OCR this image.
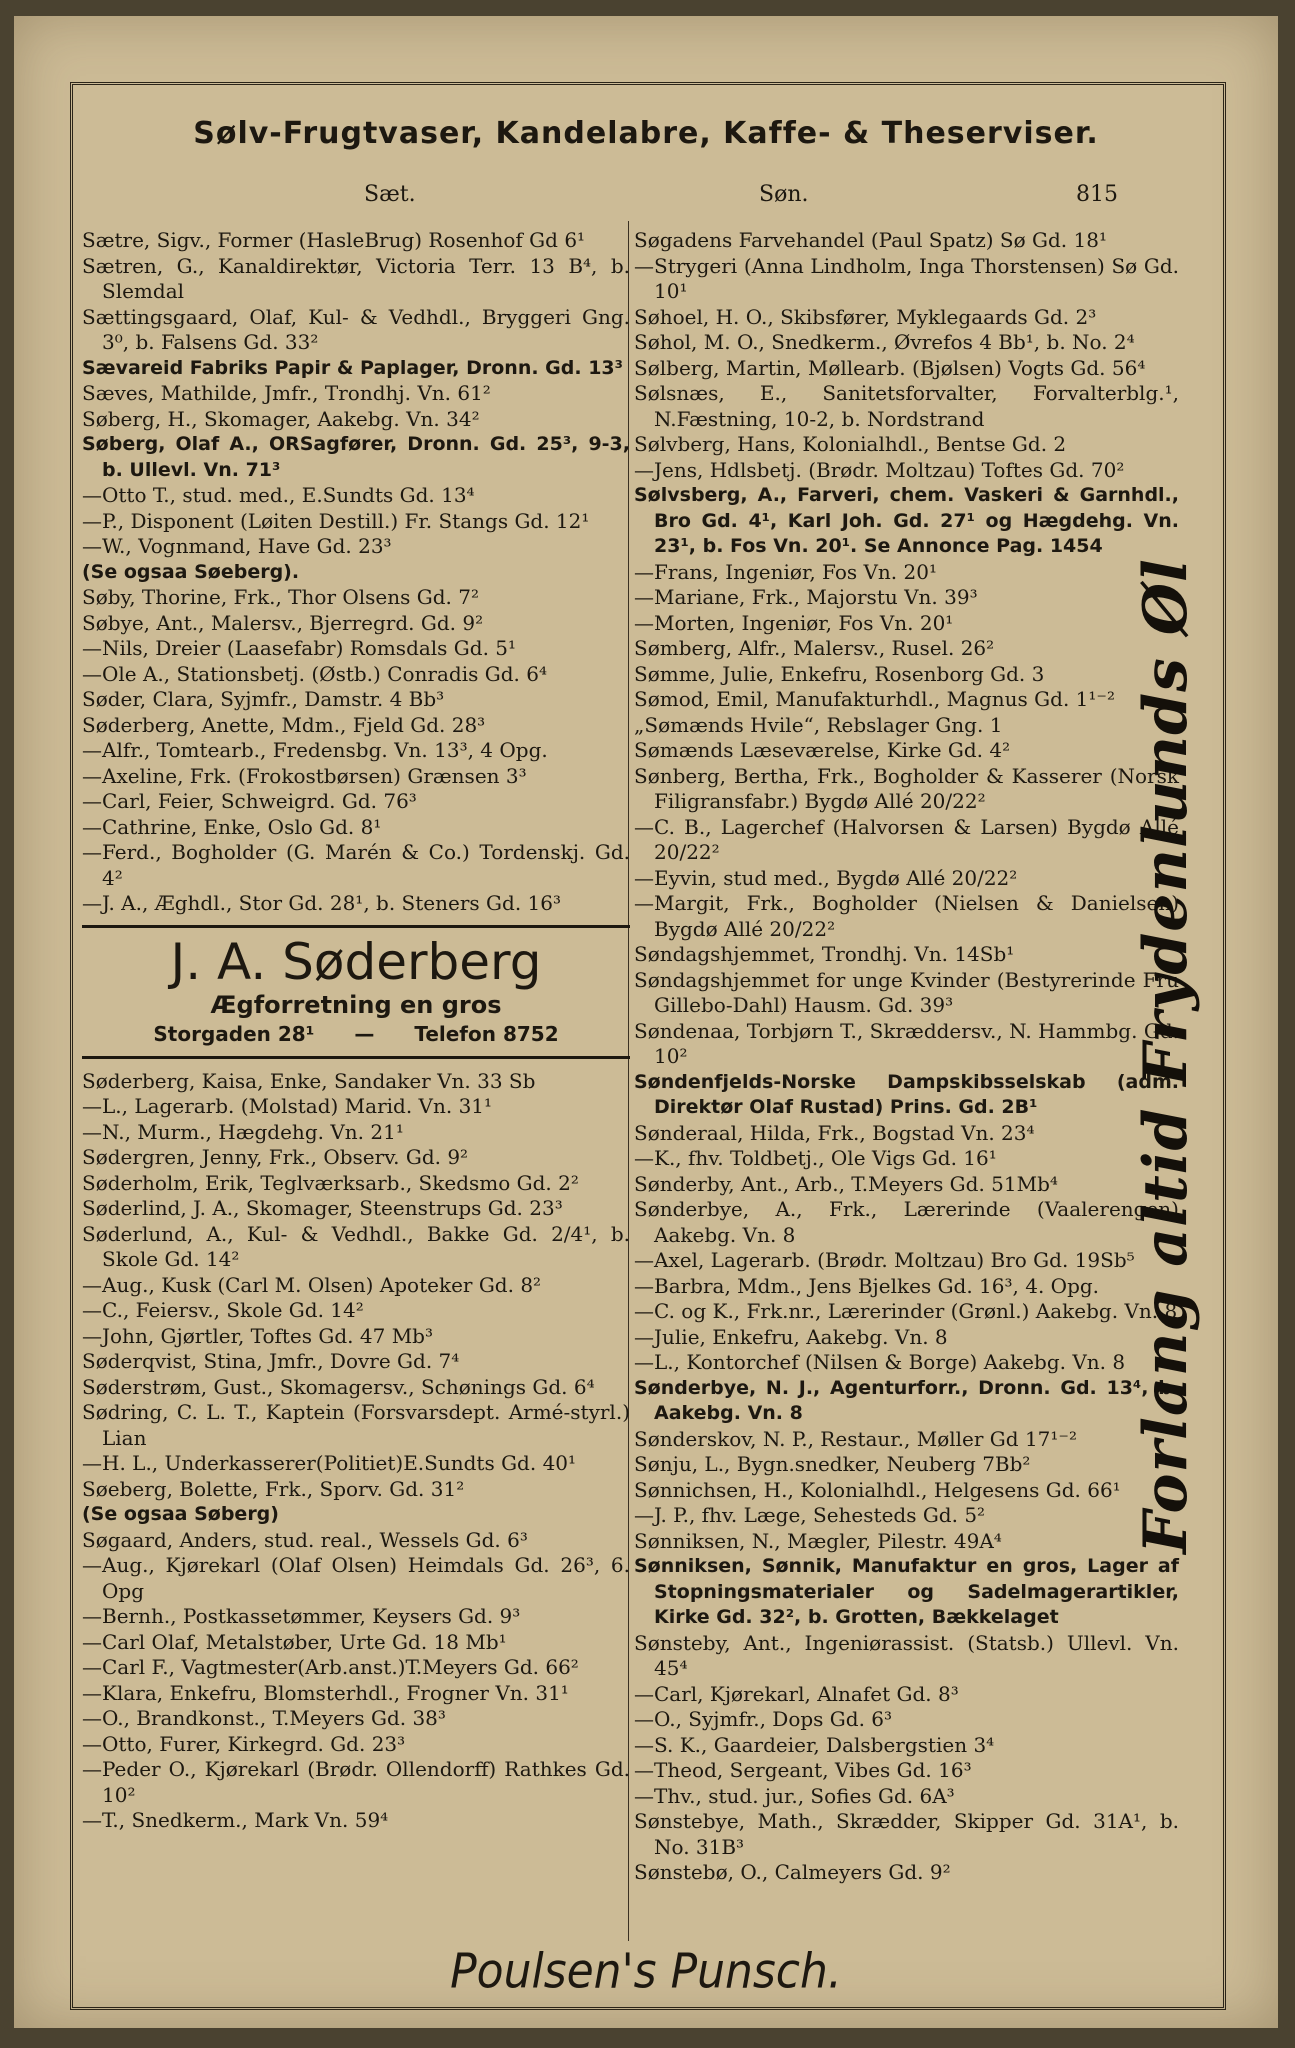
Sølv-Frugtvaser, Kandelabre, Kaffe- & Theserviser.
Sæt.	Søn.	815

Sætre, Sigv., Former (HasleBrug) Rosenhof Gd 6¹

Sætren, G., Kanaldirektør, Victoria Terr. 13 B⁴, b. Slemdal

Sættingsgaard, Olaf, Kul- & Vedhdl., Bryggeri Gng. 3⁰, b. Falsens Gd. 33²

Sævareid Fabriks Papir & Paplager, Dronn. Gd. 13³

Sæves, Mathilde, Jmfr., Trondhj. Vn. 61²

Søberg, H., Skomager, Aakebg. Vn. 34²

Søberg, Olaf A., ORSagfører, Dronn. Gd. 25³, 9-3, b. Ullevl. Vn. 71³

—Otto T., stud. med., E.Sundts Gd. 13⁴

—P., Disponent (Løiten Destill.) Fr. Stangs Gd. 12¹

—W., Vognmand, Have Gd. 23³

(Se ogsaa Søeberg).

Søby, Thorine, Frk., Thor Olsens Gd. 7²

Søbye, Ant., Malersv., Bjerregrd. Gd. 9²

—Nils, Dreier (Laasefabr) Romsdals Gd. 5¹

—Ole A., Stationsbetj. (Østb.) Conradis Gd. 6⁴

Søder, Clara, Syjmfr., Damstr. 4 Bb³

Søderberg, Anette, Mdm., Fjeld Gd. 28³

—Alfr., Tomtearb., Fredensbg. Vn. 13³, 4 Opg.

—Axeline, Frk. (Frokostbørsen) Grænsen 3³

—Carl, Feier, Schweigrd. Gd. 76³

—Cathrine, Enke, Oslo Gd. 8¹

—Ferd., Bogholder (G. Marén & Co.) Tordenskj. Gd. 4²

—J. A., Æghdl., Stor Gd. 28¹, b. Steners Gd. 16³

J. A. Søderberg
Ægforretning en gros
Storgaden 28¹ — Telefon 8752

Søderberg, Kaisa, Enke, Sandaker Vn. 33 Sb

—L., Lagerarb. (Molstad) Marid. Vn. 31¹

—N., Murm., Hægdehg. Vn. 21¹

Sødergren, Jenny, Frk., Observ. Gd. 9²

Søderholm, Erik, Teglværksarb., Skedsmo Gd. 2²

Søderlind, J. A., Skomager, Steenstrups Gd. 23³

Søderlund, A., Kul- & Vedhdl., Bakke Gd. 2/4¹, b. Skole Gd. 14²

—Aug., Kusk (Carl M. Olsen) Apoteker Gd. 8²

—C., Feiersv., Skole Gd. 14²

—John, Gjørtler, Toftes Gd. 47 Mb³

Søderqvist, Stina, Jmfr., Dovre Gd. 7⁴

Søderstrøm, Gust., Skomagersv., Schønings Gd. 6⁴

Sødring, C. L. T., Kaptein (Forsvarsdept. Armé-styrl.) Lian

—H. L., Underkasserer(Politiet)E.Sundts Gd. 40¹

Søeberg, Bolette, Frk., Sporv. Gd. 31²

(Se ogsaa Søberg)

Søgaard, Anders, stud. real., Wessels Gd. 6³

—Aug., Kjørekarl (Olaf Olsen) Heimdals Gd. 26³, 6. Opg

—Bernh., Postkassetømmer, Keysers Gd. 9³

—Carl Olaf, Metalstøber, Urte Gd. 18 Mb¹

—Carl F., Vagtmester(Arb.anst.)T.Meyers Gd. 66²

—Klara, Enkefru, Blomsterhdl., Frogner Vn. 31¹

—O., Brandkonst., T.Meyers Gd. 38³

—Otto, Furer, Kirkegrd. Gd. 23³

—Peder O., Kjørekarl (Brødr. Ollendorff) Rathkes Gd. 10²

—T., Snedkerm., Mark Vn. 59⁴

Søgadens Farvehandel (Paul Spatz) Sø Gd. 18¹

—Strygeri (Anna Lindholm, Inga Thorstensen) Sø Gd. 10¹

Søhoel, H. O., Skibsfører, Myklegaards Gd. 2³

Søhol, M. O., Snedkerm., Øvrefos 4 Bb¹, b. No. 2⁴

Sølberg, Martin, Møllearb. (Bjølsen) Vogts Gd. 56⁴

Sølsnæs, E., Sanitetsforvalter, Forvalterblg.¹, N.Fæstning, 10-2, b. Nordstrand

Sølvberg, Hans, Kolonialhdl., Bentse Gd. 2

—Jens, Hdlsbetj. (Brødr. Moltzau) Toftes Gd. 70²

Sølvsberg, A., Farveri, chem. Vaskeri & Garnhdl., Bro Gd. 4¹, Karl Joh. Gd. 27¹ og Hægdehg. Vn. 23¹, b. Fos Vn. 20¹. Se Annonce Pag. 1454

—Frans, Ingeniør, Fos Vn. 20¹

—Mariane, Frk., Majorstu Vn. 39³

—Morten, Ingeniør, Fos Vn. 20¹

Sømberg, Alfr., Malersv., Rusel. 26²

Sømme, Julie, Enkefru, Rosenborg Gd. 3

Sømod, Emil, Manufakturhdl., Magnus Gd. 1¹⁻²

„Sømænds Hvile“, Rebslager Gng. 1

Sømænds Læseværelse, Kirke Gd. 4²

Sønberg, Bertha, Frk., Bogholder & Kasserer (Norsk Filigransfabr.) Bygdø Allé 20/22²

—C. B., Lagerchef (Halvorsen & Larsen) Bygdø Allé 20/22²

—Eyvin, stud med., Bygdø Allé 20/22²

—Margit, Frk., Bogholder (Nielsen & Danielsen) Bygdø Allé 20/22²

Søndagshjemmet, Trondhj. Vn. 14Sb¹

Søndagshjemmet for unge Kvinder (Bestyrerinde Fru Gillebo-Dahl) Hausm. Gd. 39³

Søndenaa, Torbjørn T., Skræddersv., N. Hammbg. Gd. 10²

Søndenfjelds-Norske Dampskibsselskab (adm. Direktør Olaf Rustad) Prins. Gd. 2B¹

Sønderaal, Hilda, Frk., Bogstad Vn. 23⁴

—K., fhv. Toldbetj., Ole Vigs Gd. 16¹

Sønderby, Ant., Arb., T.Meyers Gd. 51Mb⁴

Sønderbye, A., Frk., Lærerinde (Vaalerengen) Aakebg. Vn. 8

—Axel, Lagerarb. (Brødr. Moltzau) Bro Gd. 19Sb⁵

—Barbra, Mdm., Jens Bjelkes Gd. 16³, 4. Opg.

—C. og K., Frk.nr., Lærerinder (Grønl.) Aakebg. Vn. 8

—Julie, Enkefru, Aakebg. Vn. 8

—L., Kontorchef (Nilsen & Borge) Aakebg. Vn. 8

Sønderbye, N. J., Agenturforr., Dronn. Gd. 13⁴, b. Aakebg. Vn. 8

Sønderskov, N. P., Restaur., Møller Gd 17¹⁻²

Sønju, L., Bygn.snedker, Neuberg 7Bb²

Sønnichsen, H., Kolonialhdl., Helgesens Gd. 66¹

—J. P., fhv. Læge, Sehesteds Gd. 5²

Sønniksen, N., Mægler, Pilestr. 49A⁴

Sønniksen, Sønnik, Manufaktur en gros, Lager af Stopningsmaterialer og Sadelmagerartikler, Kirke Gd. 32², b. Grotten, Bækkelaget

Sønsteby, Ant., Ingeniørassist. (Statsb.) Ullevl. Vn. 45⁴

—Carl, Kjørekarl, Alnafet Gd. 8³

—O., Syjmfr., Dops Gd. 6³

—S. K., Gaardeier, Dalsbergstien 3⁴

—Theod, Sergeant, Vibes Gd. 16³

—Thv., stud. jur., Sofies Gd. 6A³

Sønstebye, Math., Skrædder, Skipper Gd. 31A¹, b. No. 31B³

Sønstebø, O., Calmeyers Gd. 9²

Forlang altid Frydenlunds Øl
Poulsen's Punsch.
